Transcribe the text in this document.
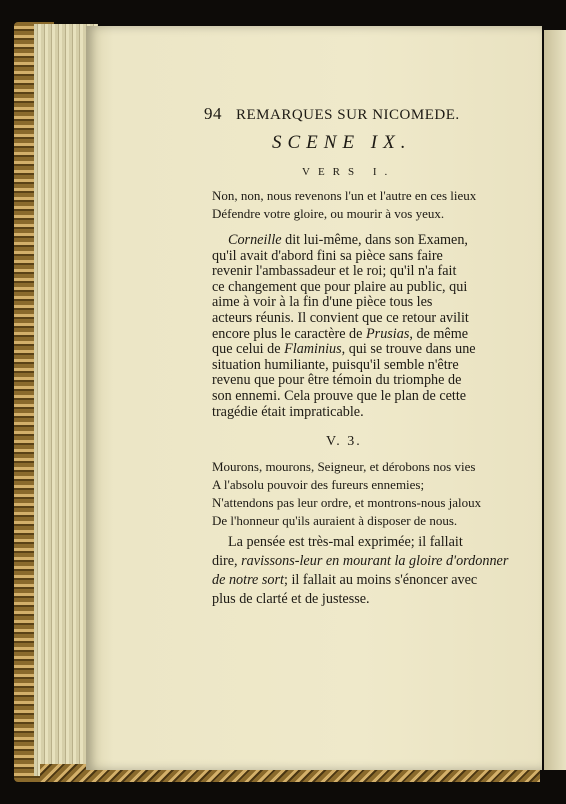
94 REMARQUES SUR NICOMEDE.
SCENE IX.
VERS I.
Non, non, nous revenons l'un et l'autre en ces lieux
Défendre votre gloire, ou mourir à vos yeux.
Corneille dit lui-même, dans son Examen,
qu'il avait d'abord fini sa pièce sans faire
revenir l'ambassadeur et le roi; qu'il n'a fait
ce changement que pour plaire au public, qui
aime à voir à la fin d'une pièce tous les
acteurs réunis. Il convient que ce retour avilit
encore plus le caractère de Prusias, de même
que celui de Flaminius, qui se trouve dans une
situation humiliante, puisqu'il semble n'être
revenu que pour être témoin du triomphe de
son ennemi. Cela prouve que le plan de cette
tragédie était impraticable.
V. 3.
Mourons, mourons, Seigneur, et dérobons nos vies
A l'absolu pouvoir des fureurs ennemies;
N'attendons pas leur ordre, et montrons-nous jaloux
De l'honneur qu'ils auraient à disposer de nous.
La pensée est très-mal exprimée; il fallait
dire, ravissons-leur en mourant la gloire d'ordonner
de notre sort; il fallait au moins s'énoncer avec
plus de clarté et de justesse.
